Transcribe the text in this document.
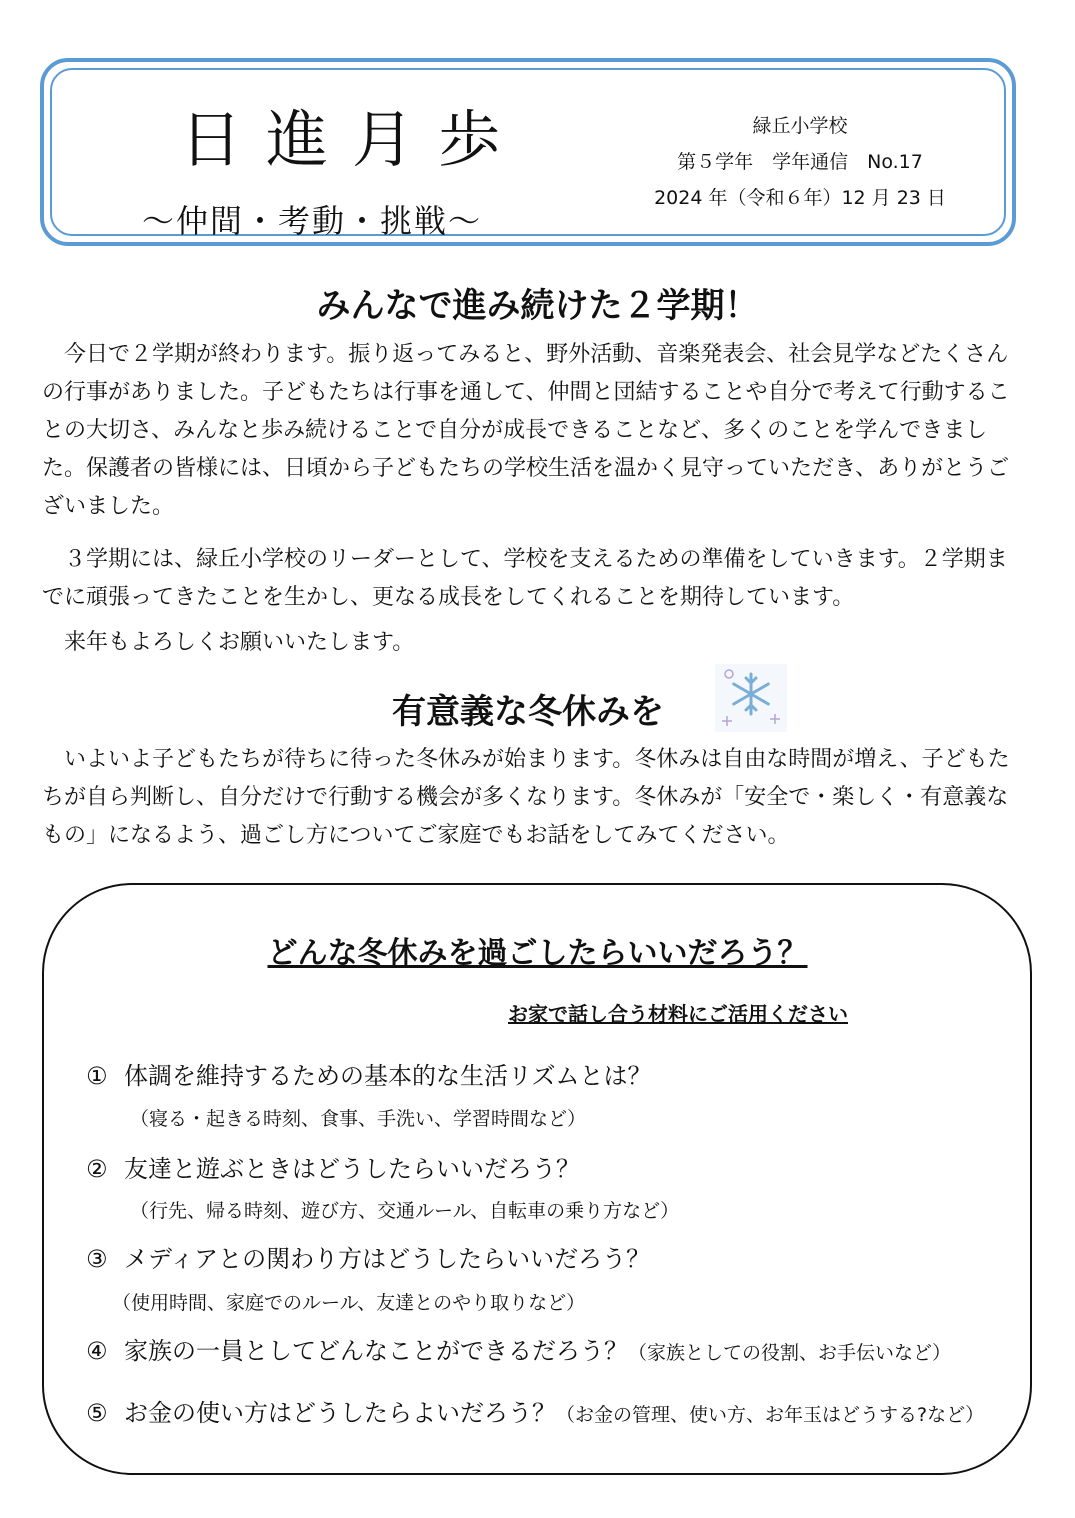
日進月歩
〜仲間・考動・挑戦〜
緑丘小学校
第５学年　学年通信　No.17
2024 年（令和６年）12 月 23 日
みんなで進み続けた２学期！

今日で２学期が終わります。振り返ってみると、野外活動、音楽発表会、社会見学などたくさんの行事がありました。子どもたちは行事を通して、仲間と団結することや自分で考えて行動することの大切さ、みんなと歩み続けることで自分が成長できることなど、多くのことを学んできました。保護者の皆様には、日頃から子どもたちの学校生活を温かく見守っていただき、ありがとうございました。

３学期には、緑丘小学校のリーダーとして、学校を支えるための準備をしていきます。２学期までに頑張ってきたことを生かし、更なる成長をしてくれることを期待しています。

来年もよろしくお願いいたします。

有意義な冬休みを

いよいよ子どもたちが待ちに待った冬休みが始まります。冬休みは自由な時間が増え、子どもたちが自ら判断し、自分だけで行動する機会が多くなります。冬休みが「安全で・楽しく・有意義なもの」になるよう、過ごし方についてご家庭でもお話をしてみてください。

どんな冬休みを過ごしたらいいだろう？
お家で話し合う材料にご活用ください
① 体調を維持するための基本的な生活リズムとは？
（寝る・起きる時刻、食事、手洗い、学習時間など）
② 友達と遊ぶときはどうしたらいいだろう？
（行先、帰る時刻、遊び方、交通ルール、自転車の乗り方など）
③ メディアとの関わり方はどうしたらいいだろう？
（使用時間、家庭でのルール、友達とのやり取りなど）
④ 家族の一員としてどんなことができるだろう？（家族としての役割、お手伝いなど）
⑤ お金の使い方はどうしたらよいだろう？（お金の管理、使い方、お年玉はどうする?など）
